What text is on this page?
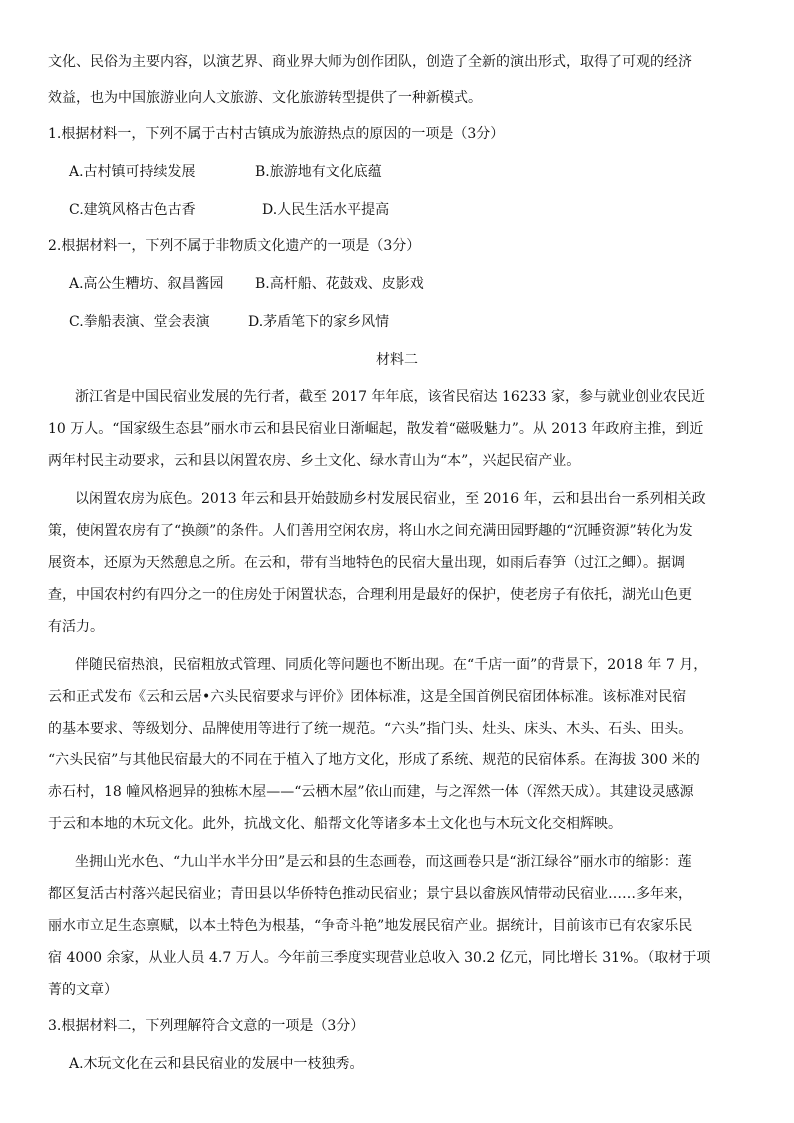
文化、民俗为主要内容，以演艺界、商业界大师为创作团队，创造了全新的演出形式，取得了可观的经济
效益，也为中国旅游业向人文旅游、文化旅游转型提供了一种新模式。
1.根据材料一，下列不属于古村古镇成为旅游热点的原因的一项是（3分）
A.古村镇可持续发展	B.旅游地有文化底蕴
C.建筑风格古色古香	D.人民生活水平提高
2.根据材料一，下列不属于非物质文化遗产的一项是（3分）
A.高公生糟坊、叙昌酱园 B.高杆船、花鼓戏、皮影戏
C.拳船表演、堂会表演	D.茅盾笔下的家乡风情
材料二
浙江省是中国民宿业发展的先行者，截至 2017 年年底，该省民宿达 16233 家，参与就业创业农民近
10 万人。“国家级生态县”丽水市云和县民宿业日渐崛起，散发着“磁吸魅力”。从 2013 年政府主推，到近
两年村民主动要求，云和县以闲置农房、乡土文化、绿水青山为“本”，兴起民宿产业。
以闲置农房为底色。2013 年云和县开始鼓励乡村发展民宿业，至 2016 年，云和县出台一系列相关政
策，使闲置农房有了“换颜”的条件。人们善用空闲农房，将山水之间充满田园野趣的“沉睡资源”转化为发
展资本，还原为天然憩息之所。在云和，带有当地特色的民宿大量出现，如雨后春笋（过江之鲫）。据调
查，中国农村约有四分之一的住房处于闲置状态，合理利用是最好的保护，使老房子有依托，湖光山色更
有活力。
伴随民宿热浪，民宿粗放式管理、同质化等问题也不断出现。在“千店一面”的背景下，2018 年 7 月，
云和正式发布《云和云居•六头民宿要求与评价》团体标准，这是全国首例民宿团体标准。该标准对民宿
的基本要求、等级划分、品牌使用等进行了统一规范。“六头”指门头、灶头、床头、木头、石头、田头。
“六头民宿”与其他民宿最大的不同在于植入了地方文化，形成了系统、规范的民宿体系。在海拔 300 米的
赤石村，18 幢风格迥异的独栋木屋——“云栖木屋”依山而建，与之浑然一体（浑然天成）。其建设灵感源
于云和本地的木玩文化。此外，抗战文化、船帮文化等诸多本土文化也与木玩文化交相辉映。
坐拥山光水色、“九山半水半分田”是云和县的生态画卷，而这画卷只是“浙江绿谷”丽水市的缩影：莲
都区复活古村落兴起民宿业；青田县以华侨特色推动民宿业；景宁县以畲族风情带动民宿业……多年来，
丽水市立足生态禀赋，以本土特色为根基，“争奇斗艳”地发展民宿产业。据统计，目前该市已有农家乐民
宿 4000 余家，从业人员 4.7 万人。今年前三季度实现营业总收入 30.2 亿元，同比增长 31%。（取材于项
菁的文章）
3.根据材料二，下列理解符合文意的一项是（3分）
A.木玩文化在云和县民宿业的发展中一枝独秀。
